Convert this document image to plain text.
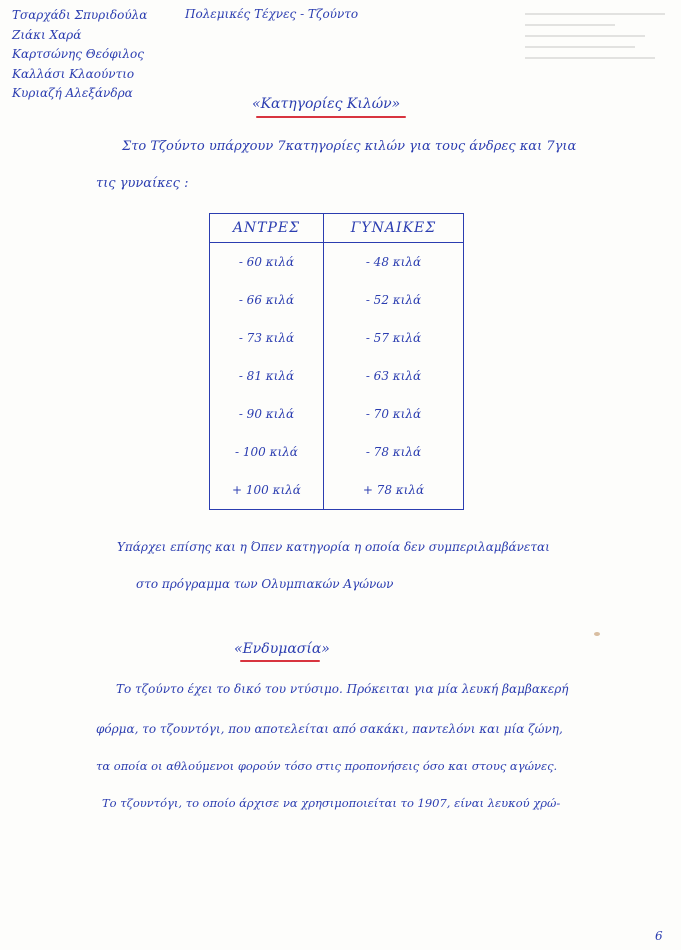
Τσαρχάδι Σπυριδούλα
Ζιάκι Χαρά
Καρτσώνης Θεόφιλος
Καλλάσι Κλαούντιο
Κυριαζή Αλεξάνδρα
Πολεμικές Τέχνες - Τζούντο
«Κατηγορίες Κιλών»
Στο Τζούντο υπάρχουν 7κατηγορίες κιλών για τους άνδρες και 7για
τις γυναίκες :
ΑΝΤΡΕΣ	ΓΥΝΑΙΚΕΣ
- 60 κιλά	- 48 κιλά
- 66 κιλά	- 52 κιλά
- 73 κιλά	- 57 κιλά
- 81 κιλά	- 63 κιλά
- 90 κιλά	- 70 κιλά
- 100 κιλά	- 78 κιλά
+ 100 κιλά	+ 78 κιλά
Υπάρχει επίσης και η Όπεν κατηγορία η οποία δεν συμπεριλαμβάνεται
στο πρόγραμμα των Ολυμπιακών Αγώνων
«Ενδυμασία»
Το τζούντο έχει το δικό του ντύσιμο. Πρόκειται για μία λευκή βαμβακερή
φόρμα, το τζουντόγι, που αποτελείται από σακάκι, παντελόνι και μία ζώνη,
τα οποία οι αθλούμενοι φορούν τόσο στις προπονήσεις όσο και στους αγώνες.
Το τζουντόγι, το οποίο άρχισε να χρησιμοποιείται το 1907, είναι λευκού χρώ-
6
